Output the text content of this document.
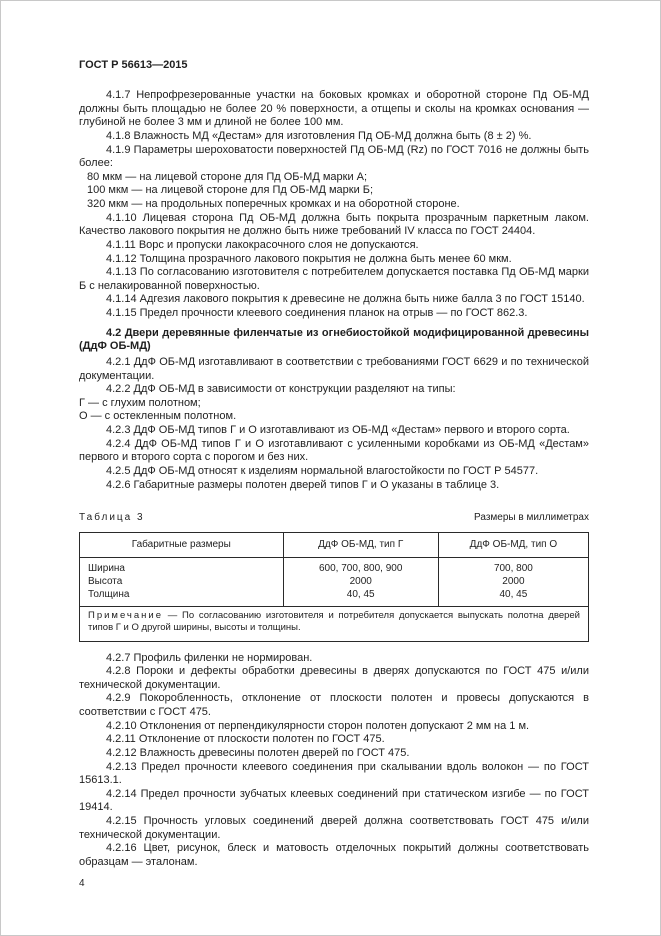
ГОСТ Р 56613—2015

4.1.7 Непрофрезерованные участки на боковых кромках и оборотной стороне Пд ОБ-МД должны быть площадью не более 20 % поверхности, а отщепы и сколы на кромках основания — глубиной не более 3 мм и длиной не более 100 мм.

4.1.8 Влажность МД «Дестам» для изготовления Пд ОБ-МД должна быть (8 ± 2) %.

4.1.9 Параметры шероховатости поверхностей Пд ОБ-МД (Rz) по ГОСТ 7016 не должны быть более:

80 мкм — на лицевой стороне для Пд ОБ-МД марки А;

100 мкм — на лицевой стороне для Пд ОБ-МД марки Б;

320 мкм — на продольных поперечных кромках и на оборотной стороне.

4.1.10 Лицевая сторона Пд ОБ-МД должна быть покрыта прозрачным паркетным лаком. Качество лакового покрытия не должно быть ниже требований IV класса по ГОСТ 24404.

4.1.11 Ворс и пропуски лакокрасочного слоя не допускаются.

4.1.12 Толщина прозрачного лакового покрытия не должна быть менее 60 мкм.

4.1.13 По согласованию изготовителя с потребителем допускается поставка Пд ОБ-МД марки Б с нелакированной поверхностью.

4.1.14 Адгезия лакового покрытия к древесине не должна быть ниже балла 3 по ГОСТ 15140.

4.1.15 Предел прочности клеевого соединения планок на отрыв — по ГОСТ 862.3.

4.2 Двери деревянные филенчатые из огнебиостойкой модифицированной древесины (ДдФ ОБ-МД)

4.2.1 ДдФ ОБ-МД изготавливают в соответствии с требованиями ГОСТ 6629 и по технической документации.

4.2.2 ДдФ ОБ-МД в зависимости от конструкции разделяют на типы:

Г — с глухим полотном;

О — с остекленным полотном.

4.2.3 ДдФ ОБ-МД типов Г и О изготавливают из ОБ-МД «Дестам» первого и второго сорта.

4.2.4 ДдФ ОБ-МД типов Г и О изготавливают с усиленными коробками из ОБ-МД «Дестам» первого и второго сорта с порогом и без них.

4.2.5 ДдФ ОБ-МД относят к изделиям нормальной влагостойкости по ГОСТ Р 54577.

4.2.6 Габаритные размеры полотен дверей типов Г и О указаны в таблице 3.

Таблица 3	Размеры в миллиметрах
Габаритные размеры	ДдФ ОБ-МД, тип Г	ДдФ ОБ-МД, тип О
Ширина	600, 700, 800, 900	700, 800
Высота	2000	2000
Толщина	40, 45	40, 45
Примечание — По согласованию изготовителя и потребителя допускается выпускать полотна дверей типов Г и О другой ширины, высоты и толщины.		

4.2.7 Профиль филенки не нормирован.

4.2.8 Пороки и дефекты обработки древесины в дверях допускаются по ГОСТ 475 и/или технической документации.

4.2.9 Покоробленность, отклонение от плоскости полотен и провесы допускаются в соответствии с ГОСТ 475.

4.2.10 Отклонения от перпендикулярности сторон полотен допускают 2 мм на 1 м.

4.2.11 Отклонение от плоскости полотен по ГОСТ 475.

4.2.12 Влажность древесины полотен дверей по ГОСТ 475.

4.2.13 Предел прочности клеевого соединения при скалывании вдоль волокон — по ГОСТ 15613.1.

4.2.14 Предел прочности зубчатых клеевых соединений при статическом изгибе — по ГОСТ 19414.

4.2.15 Прочность угловых соединений дверей должна соответствовать ГОСТ 475 и/или технической документации.

4.2.16 Цвет, рисунок, блеск и матовость отделочных покрытий должны соответствовать образцам — эталонам.

4
